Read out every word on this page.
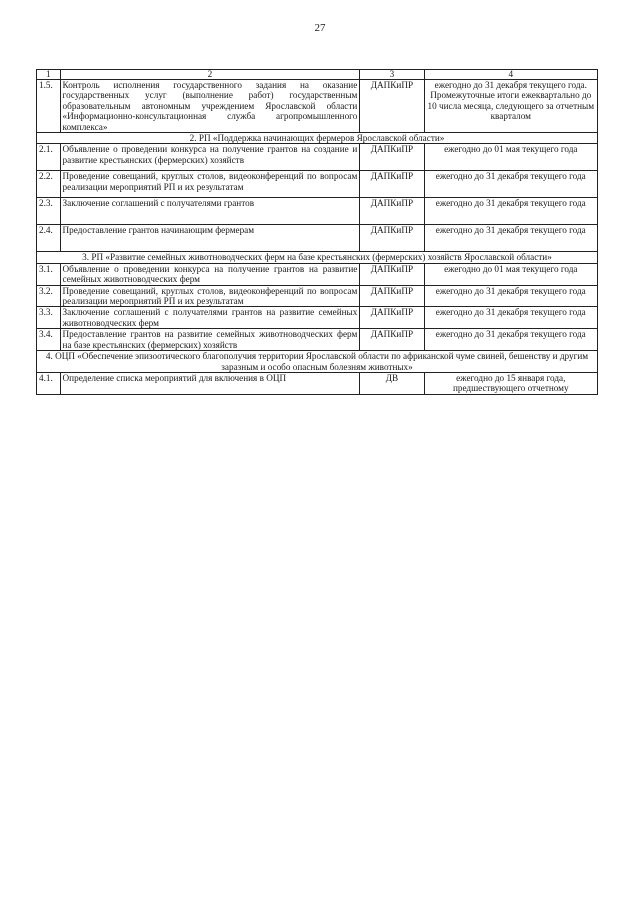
27
1	2	3	4
1.5.	Контроль исполнения государственного задания на оказание государственных услуг (выполнение работ) государственным образовательным автономным учреждением Ярославской области «Информационно-консультационная служба агропромышленного комплекса»	ДАПКиПР	ежегодно до 31 декабря текущего года. Промежуточные итоги ежеквартально до 10 числа месяца, следующего за отчетным кварталом
2. РП «Поддержка начинающих фермеров Ярославской области»			
2.1.	Объявление о проведении конкурса на получение грантов на создание и развитие крестьянских (фермерских) хозяйств	ДАПКиПР	ежегодно до 01 мая текущего года
2.2.	Проведение совещаний, круглых столов, видеоконференций по вопросам реализации мероприятий РП и их результатам	ДАПКиПР	ежегодно до 31 декабря текущего года
2.3.	Заключение соглашений с получателями грантов	ДАПКиПР	ежегодно до 31 декабря текущего года
2.4.	Предоставление грантов начинающим фермерам	ДАПКиПР	ежегодно до 31 декабря текущего года
3. РП «Развитие семейных животноводческих ферм на базе крестьянских (фермерских) хозяйств Ярославской области»			
3.1.	Объявление о проведении конкурса на получение грантов на развитие семейных животноводческих ферм	ДАПКиПР	ежегодно до 01 мая текущего года
3.2.	Проведение совещаний, круглых столов, видеоконференций по вопросам реализации мероприятий РП и их результатам	ДАПКиПР	ежегодно до 31 декабря текущего года
3.3.	Заключение соглашений с получателями грантов на развитие семейных животноводческих ферм	ДАПКиПР	ежегодно до 31 декабря текущего года
3.4.	Предоставление грантов на развитие семейных животноводческих ферм на базе крестьянских (фермерских) хозяйств	ДАПКиПР	ежегодно до 31 декабря текущего года
4. ОЦП «Обеспечение эпизоотического благополучия территории Ярославской области по африканской чуме свиней, бешенству и другим заразным и особо опасным болезням животных»			
4.1.	Определение списка мероприятий для включения в ОЦП	ДВ	ежегодно до 15 января года, предшествующего отчетному
